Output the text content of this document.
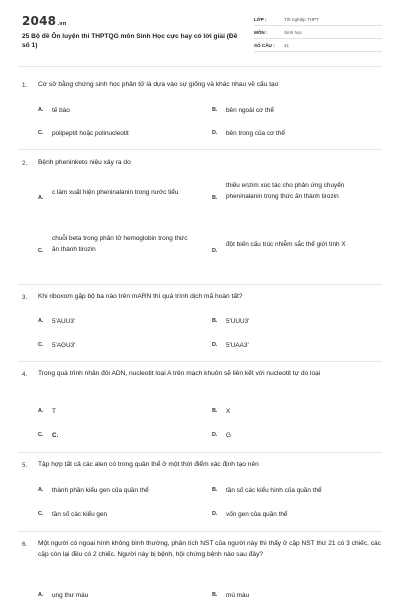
2048.vn
25 Bộ đề Ôn luyện thi THPTQG môn Sinh Học cực hay có lời giải (Đề số 1)
LỚP :	Tốt nghiệp THPT
MÔN :	Sinh học
SỐ CÂU : 41
1. Cơ sở bằng chứng sinh học phân tử là dựa vào sự giống và khác nhau về cấu tạo
A. tế bào	B. bên ngoài cơ thể
C. polipeptit hoặc polinucleotit	D. bên trong của cơ thể
2. Bệnh pheninketo niệu xảy ra do
A.
c làm xuất hiện pheninalanin trong nước tiểu
B.
thiếu enzim xúc tác cho phản ứng chuyển pheninalanin trong thức ăn thành tirozin
C.
chuỗi beta trong phân tử hemoglobin trong thức ăn thành tirozin	D.
đột biến cấu trúc nhiễm sắc thể giới tính X
3. Khi riboxom gặp bộ ba nào trên mARN thì quá trình dịch mã hoàn tất?
A. 5'AUU3'	B. 5'UUU3'
C. 5'AGU3'	D. 5'UAA3'
4. Trong quá trình nhân đôi ADN, nucleotit loại A trên mạch khuôn sẽ liên kết với nucleotit tự do loại
A. T	B. X
C. C.	D. G
5. Tập hợp tất cả các alen có trong quần thể ở một thời điểm xác định tạo nên
A. thành phần kiểu gen của quần thể	B. tần số các kiểu hình của quần thể
C. tần số các kiểu gen	D. vốn gen của quần thể
6. Một người có ngoại hình không bình thường, phân tích NST của người này thì thấy ở cặp NST thứ 21 có 3 chiếc, các cặp còn lại đều có 2 chiếc. Người này bị bệnh, hội chứng bệnh nào sau đây?
A. ung thư máu	B. mù màu
